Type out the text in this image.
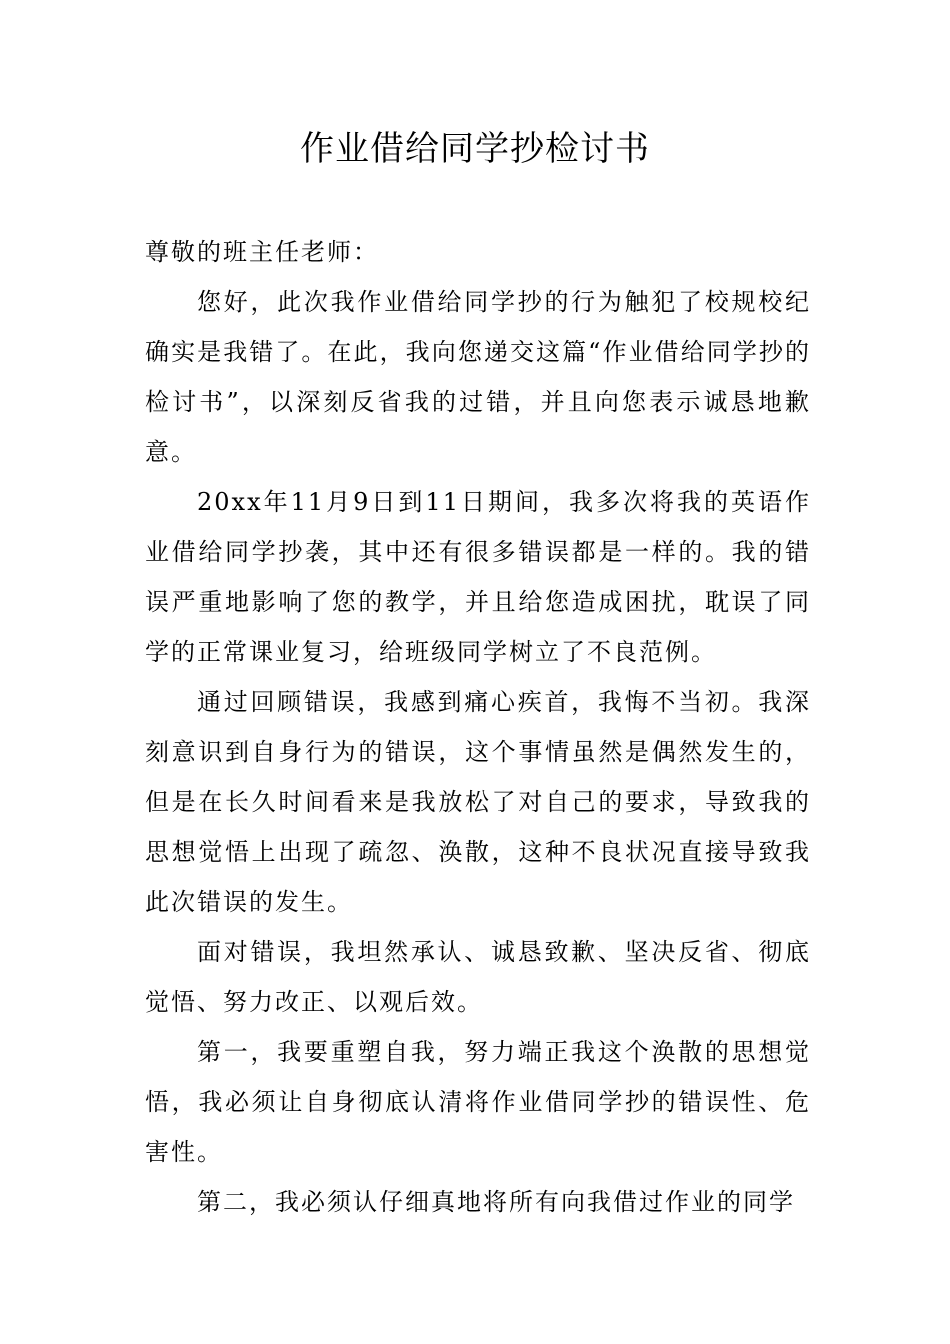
作业借给同学抄检讨书

尊敬的班主任老师：

您好，此次我作业借给同学抄的行为触犯了校规校纪确实是我错了。在此，我向您递交这篇“作业借给同学抄的检讨书”，以深刻反省我的过错，并且向您表示诚恳地歉意。

20xx年11月9日到11日期间，我多次将我的英语作业借给同学抄袭，其中还有很多错误都是一样的。我的错误严重地影响了您的教学，并且给您造成困扰，耽误了同学的正常课业复习，给班级同学树立了不良范例。

通过回顾错误，我感到痛心疾首，我悔不当初。我深刻意识到自身行为的错误，这个事情虽然是偶然发生的，但是在长久时间看来是我放松了对自己的要求，导致我的思想觉悟上出现了疏忽、涣散，这种不良状况直接导致我此次错误的发生。

面对错误，我坦然承认、诚恳致歉、坚决反省、彻底觉悟、努力改正、以观后效。

第一，我要重塑自我，努力端正我这个涣散的思想觉悟，我必须让自身彻底认清将作业借同学抄的错误性、危害性。

第二，我必须认仔细真地将所有向我借过作业的同学
